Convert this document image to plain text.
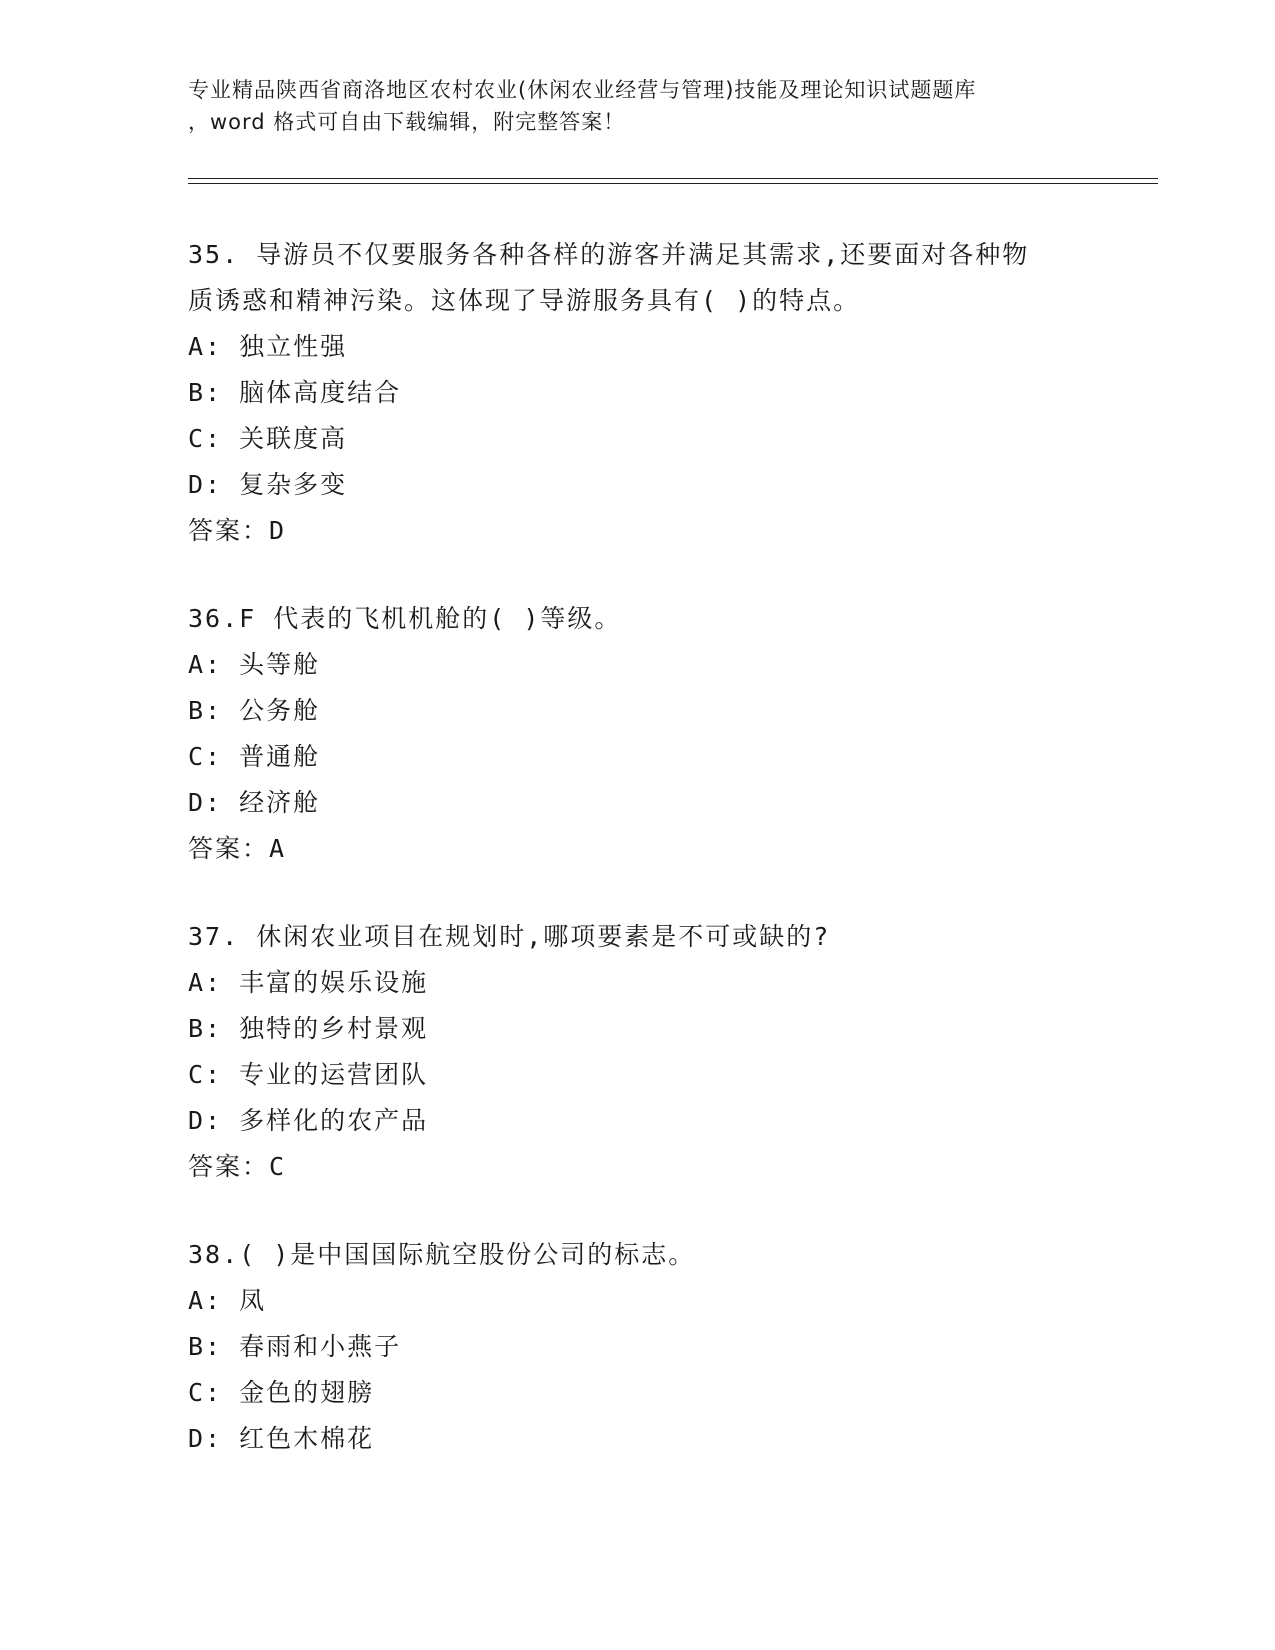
专业精品陕西省商洛地区农村农业(休闲农业经营与管理)技能及理论知识试题题库
，word 格式可自由下载编辑，附完整答案！
35. 导游员不仅要服务各种各样的游客并满足其需求,还要面对各种物
质诱惑和精神污染。这体现了导游服务具有( )的特点。
A: 独立性强
B: 脑体高度结合
C: 关联度高
D: 复杂多变
答案：D
36.F 代表的飞机机舱的( )等级。
A: 头等舱
B: 公务舱
C: 普通舱
D: 经济舱
答案：A
37. 休闲农业项目在规划时,哪项要素是不可或缺的?
A: 丰富的娱乐设施
B: 独特的乡村景观
C: 专业的运营团队
D: 多样化的农产品
答案：C
38.( )是中国国际航空股份公司的标志。
A: 凤
B: 春雨和小燕子
C: 金色的翅膀
D: 红色木棉花
